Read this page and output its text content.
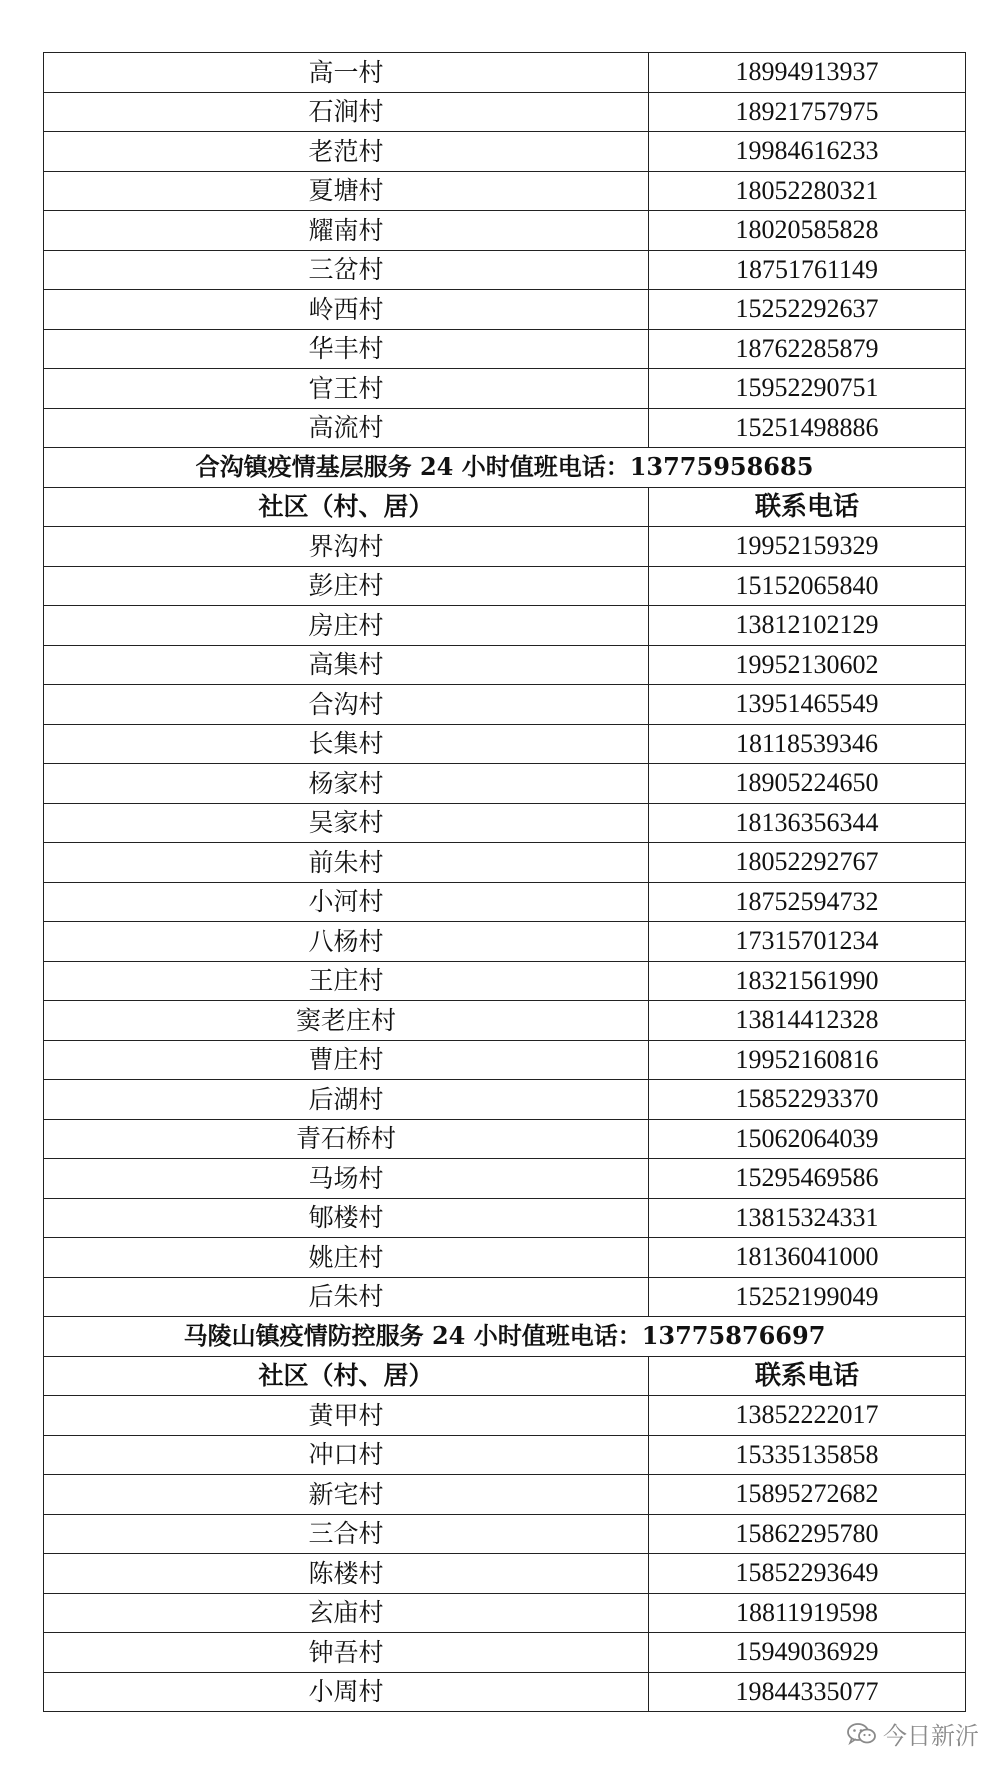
高一村	18994913937
石涧村	18921757975
老范村	19984616233
夏塘村	18052280321
耀南村	18020585828
三岔村	18751761149
岭西村	15252292637
华丰村	18762285879
官王村	15952290751
高流村	15251498886
合沟镇疫情基层服务 24 小时值班电话：13775958685	
社区（村、居）	联系电话
界沟村	19952159329
彭庄村	15152065840
房庄村	13812102129
高集村	19952130602
合沟村	13951465549
长集村	18118539346
杨家村	18905224650
吴家村	18136356344
前朱村	18052292767
小河村	18752594732
八杨村	17315701234
王庄村	18321561990
窦老庄村	13814412328
曹庄村	19952160816
后湖村	15852293370
青石桥村	15062064039
马场村	15295469586
郇楼村	13815324331
姚庄村	18136041000
后朱村	15252199049
马陵山镇疫情防控服务 24 小时值班电话：13775876697	
社区（村、居）	联系电话
黄甲村	13852222017
冲口村	15335135858
新宅村	15895272682
三合村	15862295780
陈楼村	15852293649
玄庙村	18811919598
钟吾村	15949036929
小周村	19844335077
今日新沂
